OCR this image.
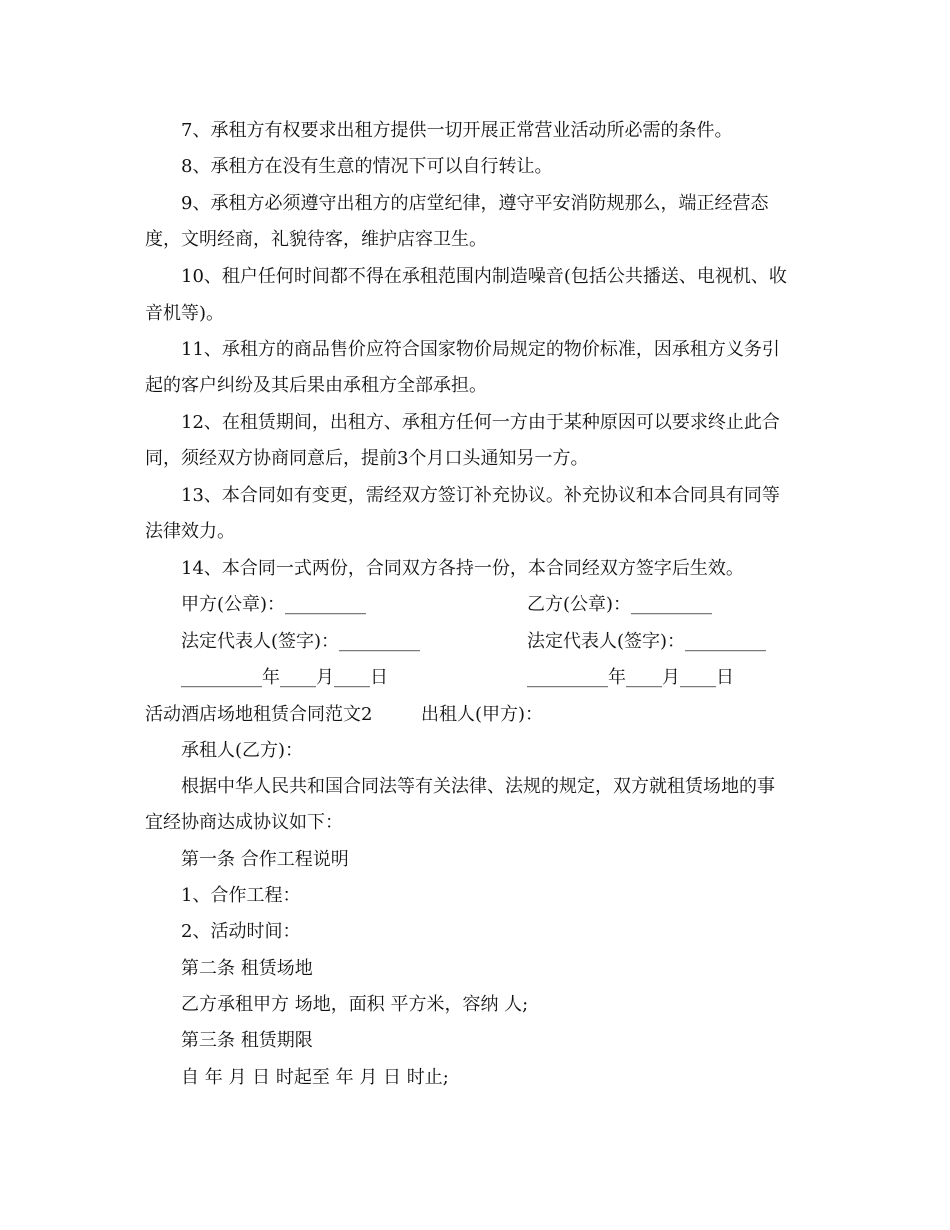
7、承租方有权要求出租方提供一切开展正常营业活动所必需的条件。
8、承租方在没有生意的情况下可以自行转让。
9、承租方必须遵守出租方的店堂纪律，遵守平安消防规那么，端正经营态
度，文明经商，礼貌待客，维护店容卫生。
10、租户任何时间都不得在承租范围内制造噪音(包括公共播送、电视机、收
音机等)。
11、承租方的商品售价应符合国家物价局规定的物价标准，因承租方义务引
起的客户纠纷及其后果由承租方全部承担。
12、在租赁期间，出租方、承租方任何一方由于某种原因可以要求终止此合
同，须经双方协商同意后，提前3个月口头通知另一方。
13、本合同如有变更，需经双方签订补充协议。补充协议和本合同具有同等
法律效力。
14、本合同一式两份，合同双方各持一份，本合同经双方签字后生效。
甲方(公章)：_________	乙方(公章)：_________
法定代表人(签字)：_________	法定代表人(签字)：_________
_________年____月____日	_________年____月____日
活动酒店场地租赁合同范文2	出租人(甲方)：
承租人(乙方)：
根据中华人民共和国合同法等有关法律、法规的规定，双方就租赁场地的事
宜经协商达成协议如下：
第一条 合作工程说明
1、合作工程：
2、活动时间：
第二条 租赁场地
乙方承租甲方 场地，面积 平方米，容纳 人;
第三条 租赁期限
自 年 月 日 时起至 年 月 日 时止;
